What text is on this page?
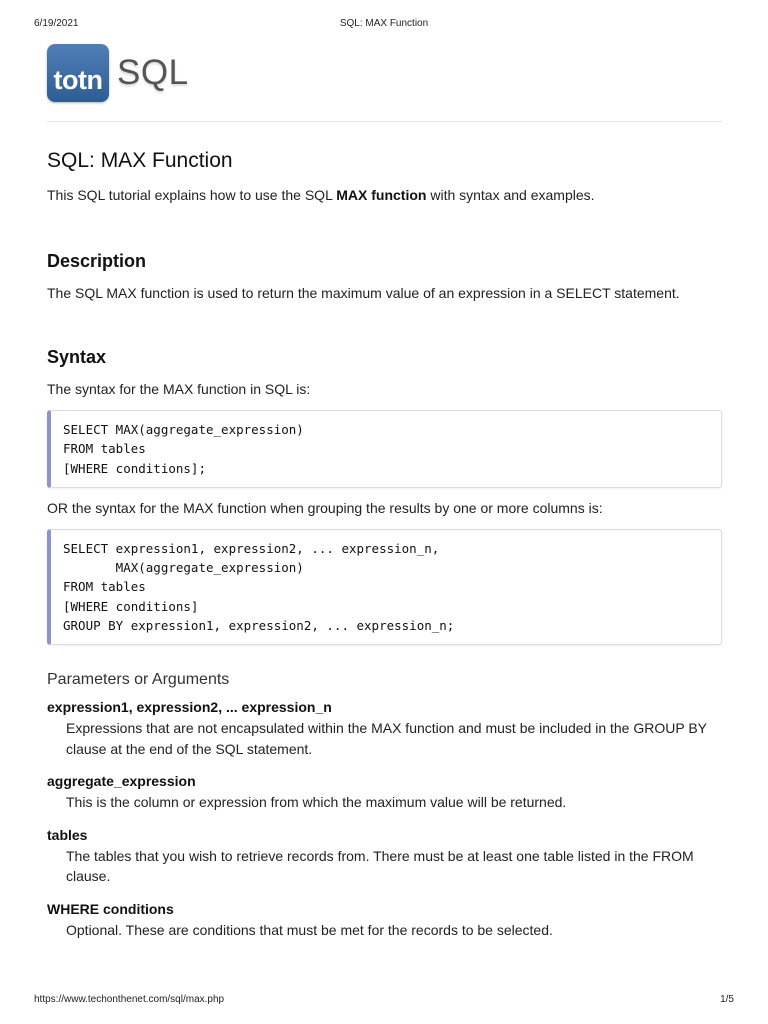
6/19/2021	SQL: MAX Function
totn SQL
SQL: MAX Function

This SQL tutorial explains how to use the SQL MAX function with syntax and examples.

Description

The SQL MAX function is used to return the maximum value of an expression in a SELECT statement.

Syntax

The syntax for the MAX function in SQL is:

SELECT MAX(aggregate_expression)
FROM tables
[WHERE conditions];

OR the syntax for the MAX function when grouping the results by one or more columns is:

SELECT expression1, expression2, ... expression_n,
MAX(aggregate_expression)
FROM tables
[WHERE conditions]
GROUP BY expression1, expression2, ... expression_n;
Parameters or Arguments
expression1, expression2, ... expression_n
Expressions that are not encapsulated within the MAX function and must be included in the GROUP BY clause at the end of the SQL statement.
aggregate_expression
This is the column or expression from which the maximum value will be returned.
tables
The tables that you wish to retrieve records from. There must be at least one table listed in the FROM clause.
WHERE conditions
Optional. These are conditions that must be met for the records to be selected.
https://www.techonthenet.com/sql/max.php	1/5
